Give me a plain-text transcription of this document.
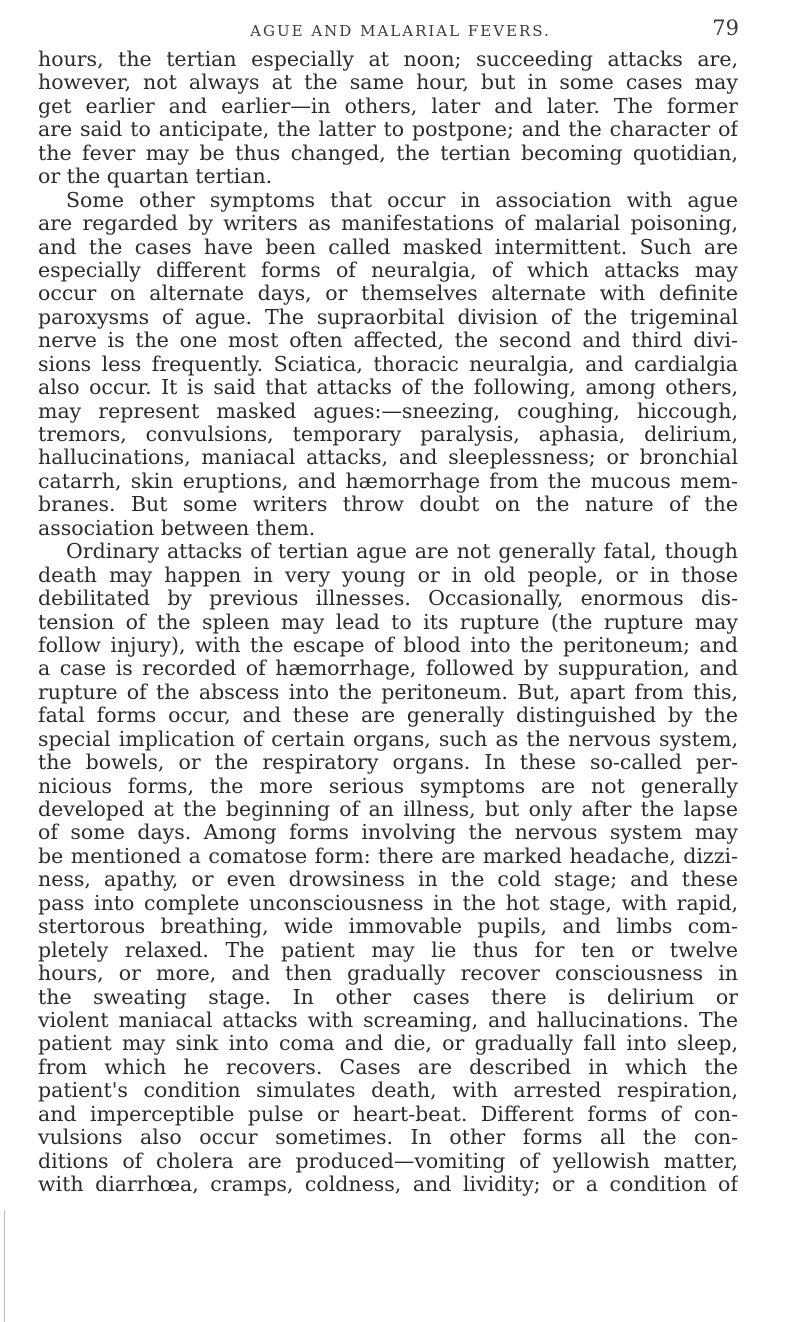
AGUE AND MALARIAL FEVERS.	79
hours, the tertian especially at noon; succeeding attacks are,
however, not always at the same hour, but in some cases may
get earlier and earlier—in others, later and later. The former
are said to anticipate, the latter to postpone; and the character of
the fever may be thus changed, the tertian becoming quotidian,
or the quartan tertian.
Some other symptoms that occur in association with ague
are regarded by writers as manifestations of malarial poisoning,
and the cases have been called masked intermittent. Such are
especially different forms of neuralgia, of which attacks may
occur on alternate days, or themselves alternate with definite
paroxysms of ague. The supraorbital division of the trigeminal
nerve is the one most often affected, the second and third divi-
sions less frequently. Sciatica, thoracic neuralgia, and cardialgia
also occur. It is said that attacks of the following, among others,
may represent masked agues:—sneezing, coughing, hiccough,
tremors, convulsions, temporary paralysis, aphasia, delirium,
hallucinations, maniacal attacks, and sleeplessness; or bronchial
catarrh, skin eruptions, and hæmorrhage from the mucous mem-
branes. But some writers throw doubt on the nature of the
association between them.
Ordinary attacks of tertian ague are not generally fatal, though
death may happen in very young or in old people, or in those
debilitated by previous illnesses. Occasionally, enormous dis-
tension of the spleen may lead to its rupture (the rupture may
follow injury), with the escape of blood into the peritoneum; and
a case is recorded of hæmorrhage, followed by suppuration, and
rupture of the abscess into the peritoneum. But, apart from this,
fatal forms occur, and these are generally distinguished by the
special implication of certain organs, such as the nervous system,
the bowels, or the respiratory organs. In these so-called per-
nicious forms, the more serious symptoms are not generally
developed at the beginning of an illness, but only after the lapse
of some days. Among forms involving the nervous system may
be mentioned a comatose form: there are marked headache, dizzi-
ness, apathy, or even drowsiness in the cold stage; and these
pass into complete unconsciousness in the hot stage, with rapid,
stertorous breathing, wide immovable pupils, and limbs com-
pletely relaxed. The patient may lie thus for ten or twelve
hours, or more, and then gradually recover consciousness in
the sweating stage. In other cases there is delirium or
violent maniacal attacks with screaming, and hallucinations. The
patient may sink into coma and die, or gradually fall into sleep,
from which he recovers. Cases are described in which the
patient's condition simulates death, with arrested respiration,
and imperceptible pulse or heart-beat. Different forms of con-
vulsions also occur sometimes. In other forms all the con-
ditions of cholera are produced—vomiting of yellowish matter,
with diarrhœa, cramps, coldness, and lividity; or a condition of
